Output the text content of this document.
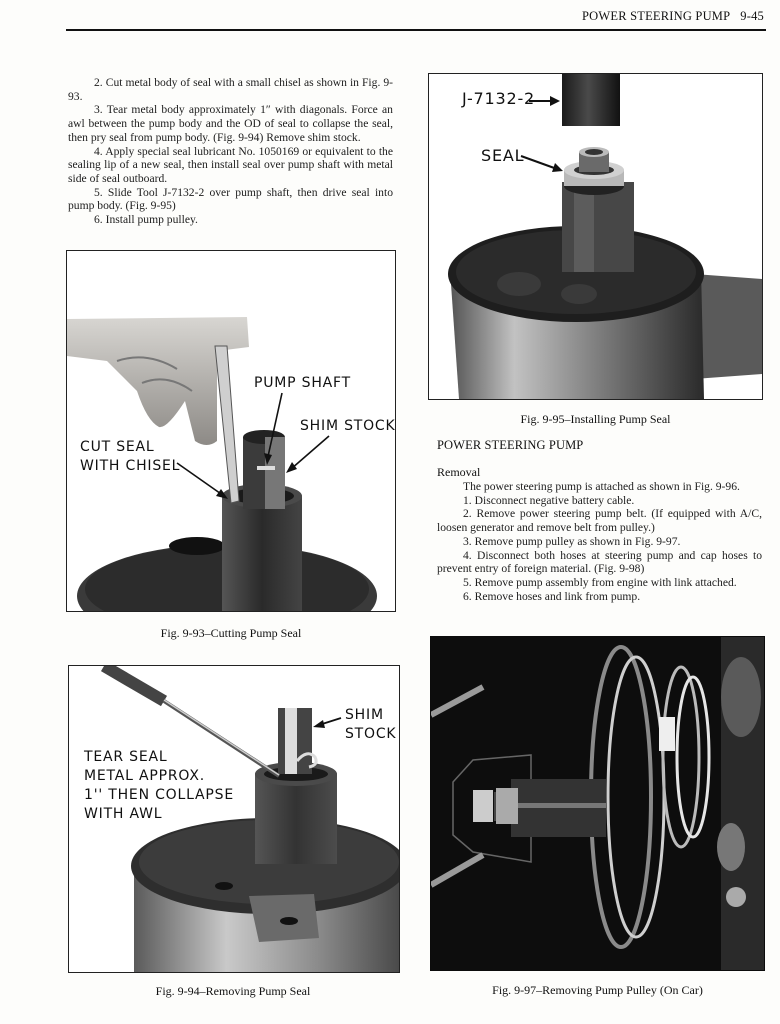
POWER STEERING PUMP 9-45

2. Cut metal body of seal with a small chisel as shown in Fig. 9-93.

3. Tear metal body approximately 1″ with diagonals. Force an awl between the pump body and the OD of seal to collapse the seal, then pry seal from pump body. (Fig. 9-94) Remove shim stock.

4. Apply special seal lubricant No. 1050169 or equivalent to the sealing lip of a new seal, then install seal over pump shaft with metal side of seal outboard.

5. Slide Tool J-7132-2 over pump shaft, then drive seal into pump body. (Fig. 9-95)

6. Install pump pulley.

PUMP SHAFT
SHIM STOCK
CUT SEAL
WITH CHISEL
Fig. 9-93–Cutting Pump Seal
SHIM
STOCK
TEAR SEAL
METAL APPROX.
1'' THEN COLLAPSE
WITH AWL
Fig. 9-94–Removing Pump Seal
J-7132-2
SEAL
Fig. 9-95–Installing Pump Seal
POWER STEERING PUMP
Removal

The power steering pump is attached as shown in Fig. 9-96.

1. Disconnect negative battery cable.

2. Remove power steering pump belt. (If equipped with A/C, loosen generator and remove belt from pulley.)

3. Remove pump pulley as shown in Fig. 9-97.

4. Disconnect both hoses at steering pump and cap hoses to prevent entry of foreign material. (Fig. 9-98)

5. Remove pump assembly from engine with link attached.

6. Remove hoses and link from pump.

Fig. 9-97–Removing Pump Pulley (On Car)
